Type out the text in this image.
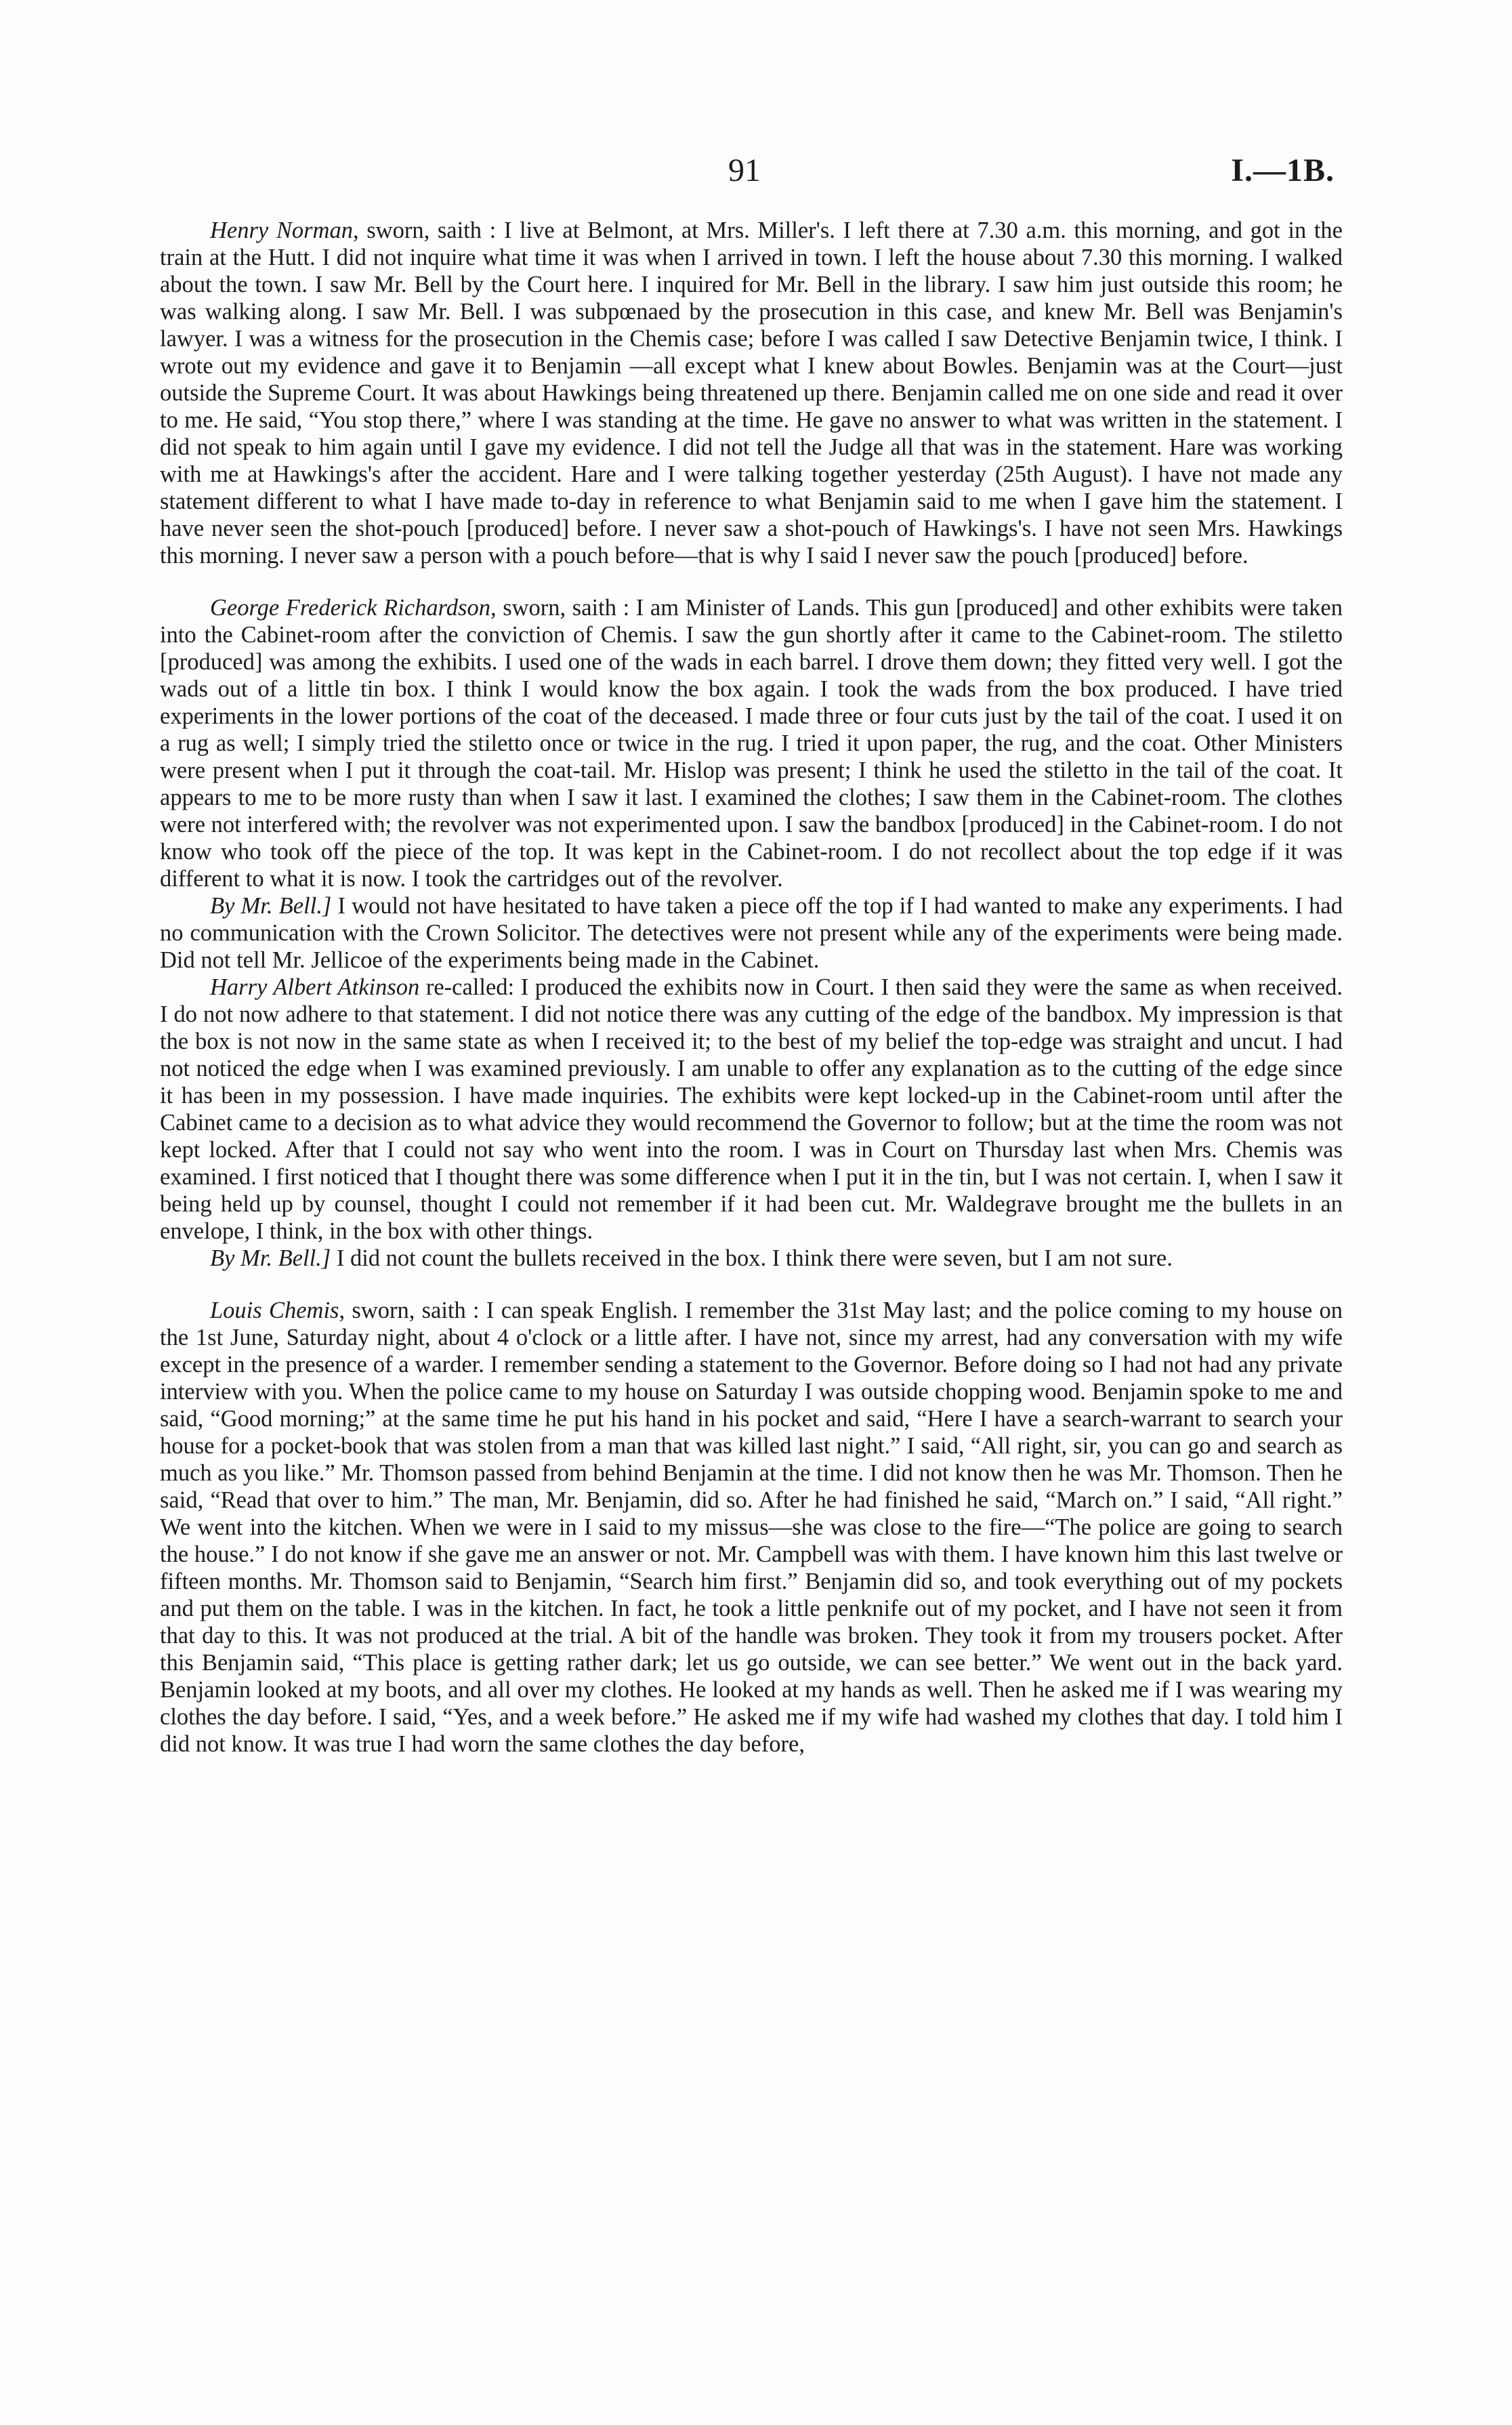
91	I.—1B.

Henry Norman, sworn, saith : I live at Belmont, at Mrs. Miller's. I left there at 7.30 a.m. this morning, and got in the train at the Hutt. I did not inquire what time it was when I arrived in town. I left the house about 7.30 this morning. I walked about the town. I saw Mr. Bell by the Court here. I inquired for Mr. Bell in the library. I saw him just outside this room; he was walking along. I saw Mr. Bell. I was subpœnaed by the prosecution in this case, and knew Mr. Bell was Benjamin's lawyer. I was a witness for the prosecution in the Chemis case; before I was called I saw Detective Benjamin twice, I think. I wrote out my evidence and gave it to Benjamin —all except what I knew about Bowles. Benjamin was at the Court—just outside the Supreme Court. It was about Hawkings being threatened up there. Benjamin called me on one side and read it over to me. He said, “You stop there,” where I was standing at the time. He gave no answer to what was written in the statement. I did not speak to him again until I gave my evidence. I did not tell the Judge all that was in the statement. Hare was working with me at Hawkings's after the accident. Hare and I were talking together yesterday (25th August). I have not made any statement different to what I have made to-day in reference to what Benjamin said to me when I gave him the statement. I have never seen the shot-pouch [produced] before. I never saw a shot-pouch of Hawkings's. I have not seen Mrs. Hawkings this morning. I never saw a person with a pouch before—that is why I said I never saw the pouch [produced] before.

George Frederick Richardson, sworn, saith : I am Minister of Lands. This gun [produced] and other exhibits were taken into the Cabinet-room after the conviction of Chemis. I saw the gun shortly after it came to the Cabinet-room. The stiletto [produced] was among the exhibits. I used one of the wads in each barrel. I drove them down; they fitted very well. I got the wads out of a little tin box. I think I would know the box again. I took the wads from the box produced. I have tried experiments in the lower portions of the coat of the deceased. I made three or four cuts just by the tail of the coat. I used it on a rug as well; I simply tried the stiletto once or twice in the rug. I tried it upon paper, the rug, and the coat. Other Ministers were present when I put it through the coat-tail. Mr. Hislop was present; I think he used the stiletto in the tail of the coat. It appears to me to be more rusty than when I saw it last. I examined the clothes; I saw them in the Cabinet-room. The clothes were not interfered with; the revolver was not experimented upon. I saw the bandbox [produced] in the Cabinet-room. I do not know who took off the piece of the top. It was kept in the Cabinet-room. I do not recollect about the top edge if it was different to what it is now. I took the cartridges out of the revolver.

By Mr. Bell.] I would not have hesitated to have taken a piece off the top if I had wanted to make any experiments. I had no communication with the Crown Solicitor. The detectives were not present while any of the experiments were being made. Did not tell Mr. Jellicoe of the experiments being made in the Cabinet.

Harry Albert Atkinson re-called: I produced the exhibits now in Court. I then said they were the same as when received. I do not now adhere to that statement. I did not notice there was any cutting of the edge of the bandbox. My impression is that the box is not now in the same state as when I received it; to the best of my belief the top-edge was straight and uncut. I had not noticed the edge when I was examined previously. I am unable to offer any explanation as to the cutting of the edge since it has been in my possession. I have made inquiries. The exhibits were kept locked-up in the Cabinet-room until after the Cabinet came to a decision as to what advice they would recommend the Governor to follow; but at the time the room was not kept locked. After that I could not say who went into the room. I was in Court on Thursday last when Mrs. Chemis was examined. I first noticed that I thought there was some difference when I put it in the tin, but I was not certain. I, when I saw it being held up by counsel, thought I could not remember if it had been cut. Mr. Waldegrave brought me the bullets in an envelope, I think, in the box with other things.

By Mr. Bell.] I did not count the bullets received in the box. I think there were seven, but I am not sure.

Louis Chemis, sworn, saith : I can speak English. I remember the 31st May last; and the police coming to my house on the 1st June, Saturday night, about 4 o'clock or a little after. I have not, since my arrest, had any conversation with my wife except in the presence of a warder. I remember sending a statement to the Governor. Before doing so I had not had any private interview with you. When the police came to my house on Saturday I was outside chopping wood. Benjamin spoke to me and said, “Good morning;” at the same time he put his hand in his pocket and said, “Here I have a search-warrant to search your house for a pocket-book that was stolen from a man that was killed last night.” I said, “All right, sir, you can go and search as much as you like.” Mr. Thomson passed from behind Benjamin at the time. I did not know then he was Mr. Thomson. Then he said, “Read that over to him.” The man, Mr. Benjamin, did so. After he had finished he said, “March on.” I said, “All right.” We went into the kitchen. When we were in I said to my missus—she was close to the fire—“The police are going to search the house.” I do not know if she gave me an answer or not. Mr. Campbell was with them. I have known him this last twelve or fifteen months. Mr. Thomson said to Benjamin, “Search him first.” Benjamin did so, and took everything out of my pockets and put them on the table. I was in the kitchen. In fact, he took a little penknife out of my pocket, and I have not seen it from that day to this. It was not produced at the trial. A bit of the handle was broken. They took it from my trousers pocket. After this Benjamin said, “This place is getting rather dark; let us go outside, we can see better.” We went out in the back yard. Benjamin looked at my boots, and all over my clothes. He looked at my hands as well. Then he asked me if I was wearing my clothes the day before. I said, “Yes, and a week before.” He asked me if my wife had washed my clothes that day. I told him I did not know. It was true I had worn the same clothes the day before,
